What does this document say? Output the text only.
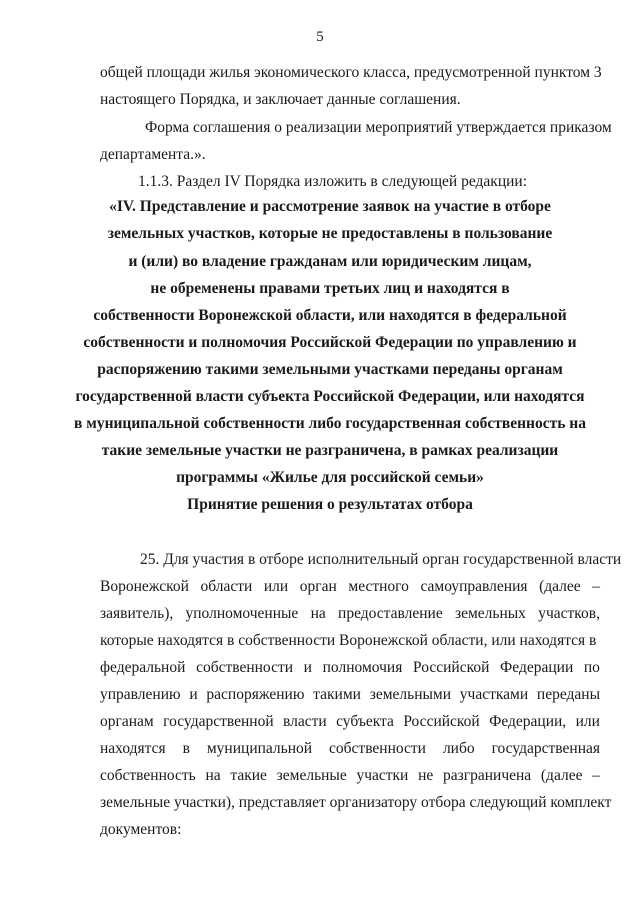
5
общей площади жилья экономического класса, предусмотренной пунктом 3
настоящего Порядка, и заключает данные соглашения.
Форма соглашения о реализации мероприятий утверждается приказом
департамента.».
1.1.3. Раздел IV Порядка изложить в следующей редакции:
«IV. Представление и рассмотрение заявок на участие в отборе
земельных участков, которые не предоставлены в пользование
и (или) во владение гражданам или юридическим лицам,
не обременены правами третьих лиц и находятся в
собственности Воронежской области, или находятся в федеральной
собственности и полномочия Российской Федерации по управлению и
распоряжению такими земельными участками переданы органам
государственной власти субъекта Российской Федерации, или находятся
в муниципальной собственности либо государственная собственность на
такие земельные участки не разграничена, в рамках реализации
программы «Жилье для российской семьи»
Принятие решения о результатах отбора
25. Для участия в отборе исполнительный орган государственной власти
Воронежской области или орган местного самоуправления (далее –
заявитель), уполномоченные на предоставление земельных участков,
которые находятся в собственности Воронежской области, или находятся в
федеральной собственности и полномочия Российской Федерации по
управлению и распоряжению такими земельными участками переданы
органам государственной власти субъекта Российской Федерации, или
находятся в муниципальной собственности либо государственная
собственность на такие земельные участки не разграничена (далее –
земельные участки), представляет организатору отбора следующий комплект
документов:
